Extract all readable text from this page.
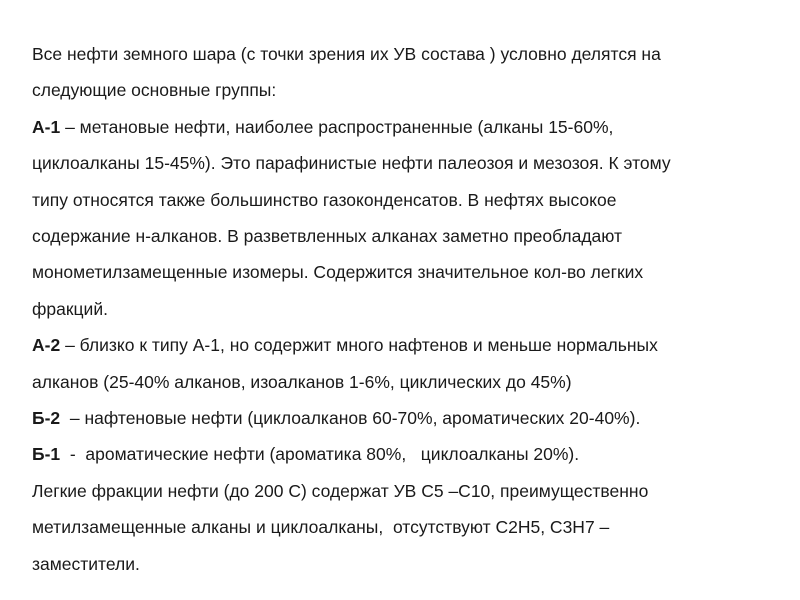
Все нефти земного шара (с точки зрения их УВ состава ) условно делятся на
следующие основные группы:
А-1 – метановые нефти, наиболее распространенные (алканы 15-60%,
циклоалканы 15-45%). Это парафинистые нефти палеозоя и мезозоя. К этому
типу относятся также большинство газоконденсатов. В нефтях высокое
содержание н-алканов. В разветвленных алканах заметно преобладают
монометилзамещенные изомеры. Содержится значительное кол-во легких
фракций.
А-2 – близко к типу А-1, но содержит много нафтенов и меньше нормальных
алканов (25-40% алканов, изоалканов 1-6%, циклических до 45%)
Б-2  – нафтеновые нефти (циклоалканов 60-70%, ароматических 20-40%).
Б-1  -  ароматические нефти (ароматика 80%,   циклоалканы 20%).
Легкие фракции нефти (до 200 С) содержат УВ С5 –С10, преимущественно
метилзамещенные алканы и циклоалканы,  отсутствуют С2Н5, С3Н7 –
заместители.
